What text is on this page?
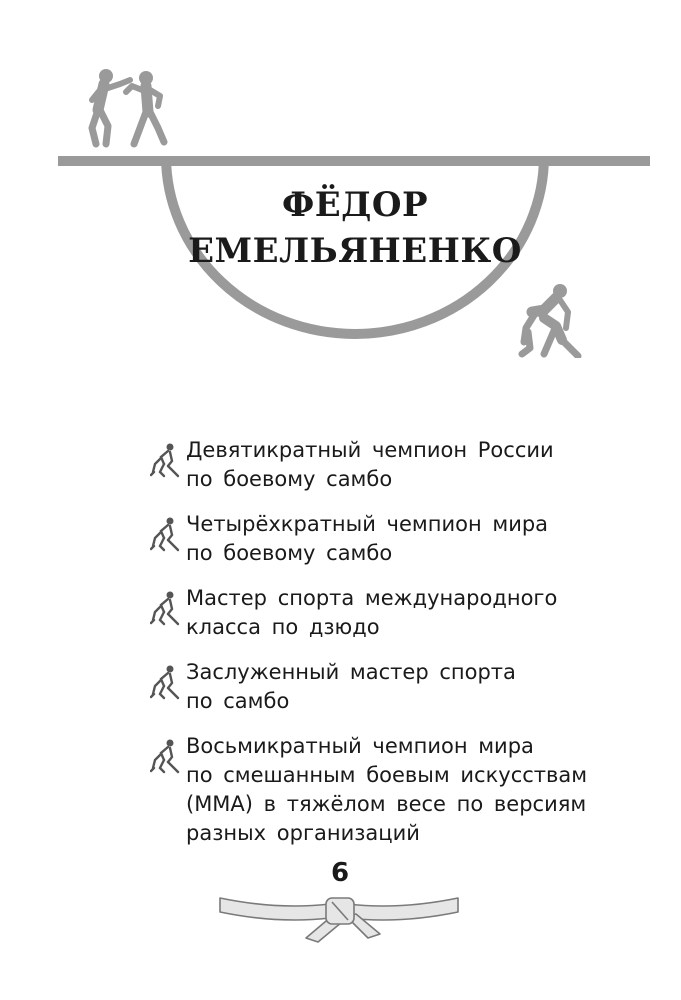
ФЁДОР
ЕМЕЛЬЯНЕНКО
Девятикратный чемпион России
по боевому самбо
Четырёхкратный чемпион мира
по боевому самбо
Мастер спорта международного
класса по дзюдо
Заслуженный мастер спорта
по самбо
Восьмикратный чемпион мира
по смешанным боевым искусствам
(ММА) в тяжёлом весе по версиям
разных организаций
6
